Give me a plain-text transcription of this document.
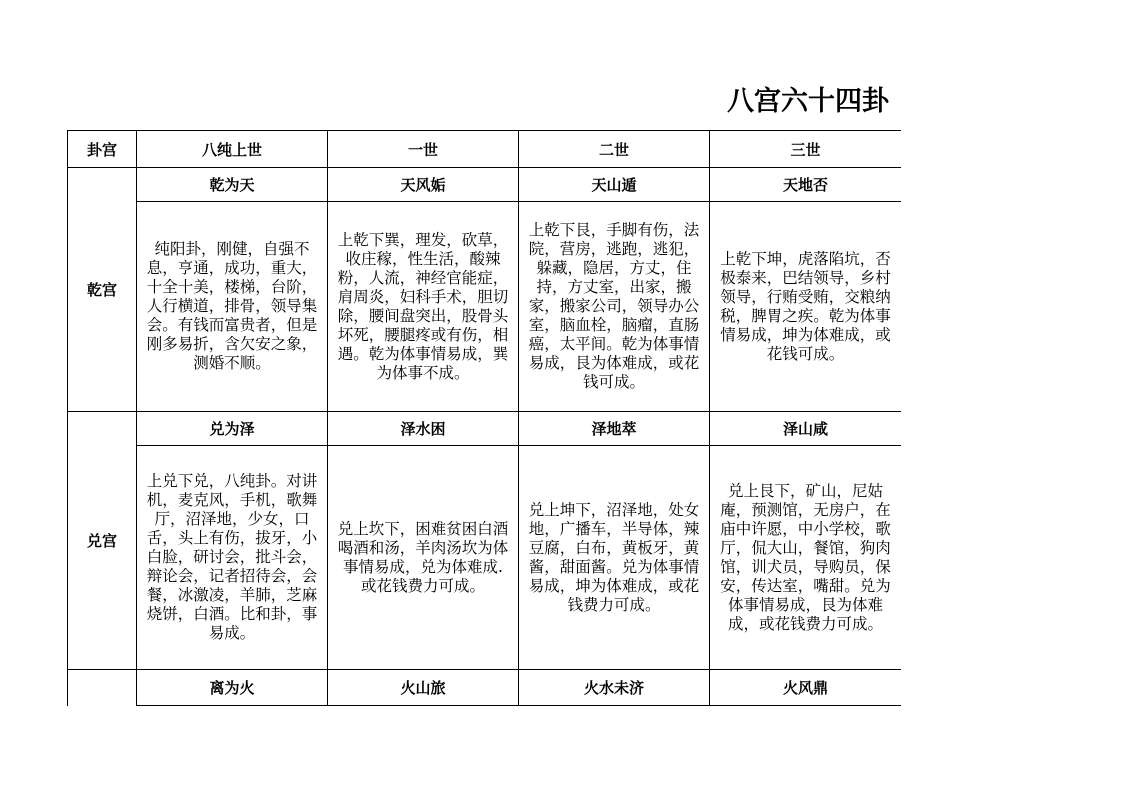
八宫六十四卦
卦宫	八纯上世	一世	二世	三世
乾宫	乾为天	天风姤	天山遁	天地否
	纯阳卦，刚健，自强不息，亨通，成功，重大，十全十美，楼梯，台阶，人行横道，排骨，领导集会。有钱而富贵者，但是刚多易折，含欠安之象，测婚不顺。	上乾下巽，理发，砍草，收庄稼，性生活，酸辣粉，人流，神经官能症，肩周炎，妇科手术，胆切除，腰间盘突出，股骨头坏死，腰腿疼或有伤，相遇。乾为体事情易成，巽为体事不成。	上乾下艮，手脚有伤，法院，营房，逃跑，逃犯，躲藏，隐居，方丈，住持，方丈室，出家，搬家，搬家公司，领导办公室，脑血栓，脑瘤，直肠癌，太平间。乾为体事情易成，艮为体难成，或花钱可成。	上乾下坤，虎落陷坑，否极泰来，巴结领导，乡村领导，行贿受贿，交粮纳税，脾胃之疾。乾为体事情易成，坤为体难成，或花钱可成。
兑宫	兑为泽	泽水困	泽地萃	泽山咸
	上兑下兑，八纯卦。对讲机，麦克风，手机，歌舞厅，沼泽地，少女，口舌，头上有伤，拔牙，小白脸，研讨会，批斗会，辩论会，记者招待会，会餐，冰激凌，羊肺，芝麻烧饼，白酒。比和卦，事易成。	兑上坎下，困难贫困白酒喝酒和汤，羊肉汤坎为体事情易成，兑为体难成.或花钱费力可成。	兑上坤下，沼泽地，处女地，广播车，半导体，辣豆腐，白布，黄板牙，黄酱，甜面酱。兑为体事情易成，坤为体难成，或花钱费力可成。	兑上艮下，矿山，尼姑庵，预测馆，无房户，在庙中许愿，中小学校，歌厅，侃大山，餐馆，狗肉馆，训犬员，导购员，保安，传达室，嘴甜。兑为体事情易成，艮为体难成，或花钱费力可成。
	离为火	火山旅	火水未济	火风鼎
